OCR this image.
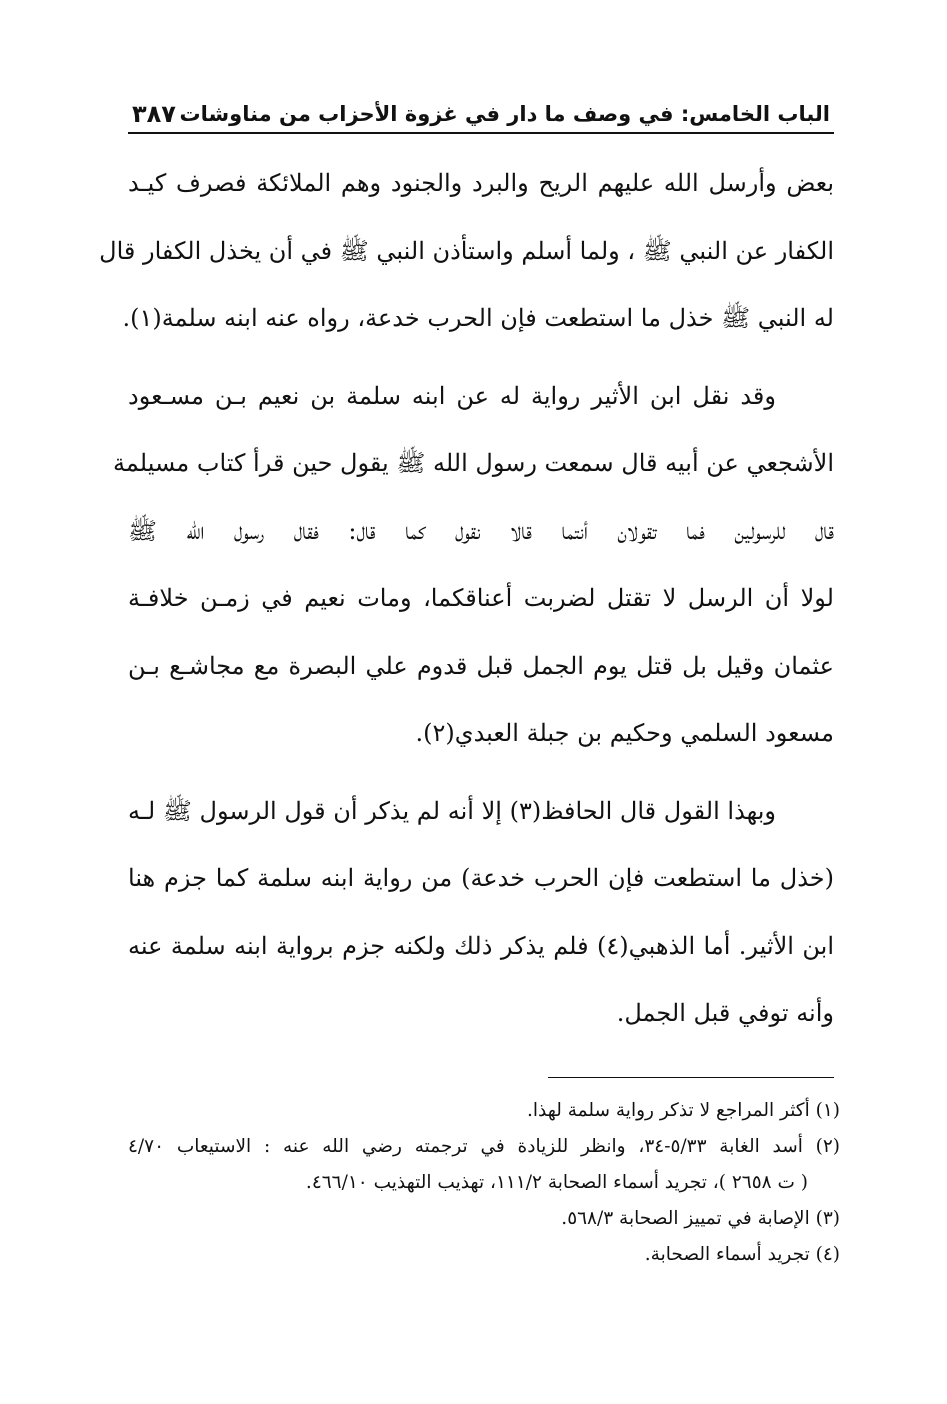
الباب الخامس: في وصف ما دار في غزوة الأحزاب من مناوشات
٣٨٧
بعض وأرسل الله عليهم الريح والبرد والجنود وهم الملائكة فصرف كيـد
الكفار عن النبي ﷺ ، ولما أسلم واستأذن النبي ﷺ في أن يخذل الكفار قال
له النبي ﷺ خذل ما استطعت فإن الحرب خدعة، رواه عنه ابنه سلمة(١).
وقد نقل ابن الأثير رواية له عن ابنه سلمة بن نعيم بـن مسـعود
الأشجعي عن أبيه قال سمعت رسول الله ﷺ يقول حين قرأ كتاب مسيلمة
قال للرسولين فما تقولان أنتما قالا نقول كما قال: فقال رسول الله ﷺ
لولا أن الرسل لا تقتل لضربت أعناقكما، ومات نعيم في زمـن خلافـة
عثمان وقيل بل قتل يوم الجمل قبل قدوم علي البصرة مع مجاشـع بـن
مسعود السلمي وحكيم بن جبلة العبدي(٢).
وبهذا القول قال الحافظ(٣) إلا أنه لم يذكر أن قول الرسول ﷺ لـه
(خذل ما استطعت فإن الحرب خدعة) من رواية ابنه سلمة كما جزم هنا
ابن الأثير. أما الذهبي(٤) فلم يذكر ذلك ولكنه جزم برواية ابنه سلمة عنه
وأنه توفي قبل الجمل.
(١) أكثر المراجع لا تذكر رواية سلمة لهذا.
(٢) أسد الغابة ٥/٣٣-٣٤، وانظر للزيادة في ترجمته رضي الله عنه : الاستيعاب ٤/٧٠
( ت ٢٦٥٨ )، تجريد أسماء الصحابة ١١١/٢، تهذيب التهذيب ٤٦٦/١٠.
(٣) الإصابة في تمييز الصحابة ٥٦٨/٣.
(٤) تجريد أسماء الصحابة.
